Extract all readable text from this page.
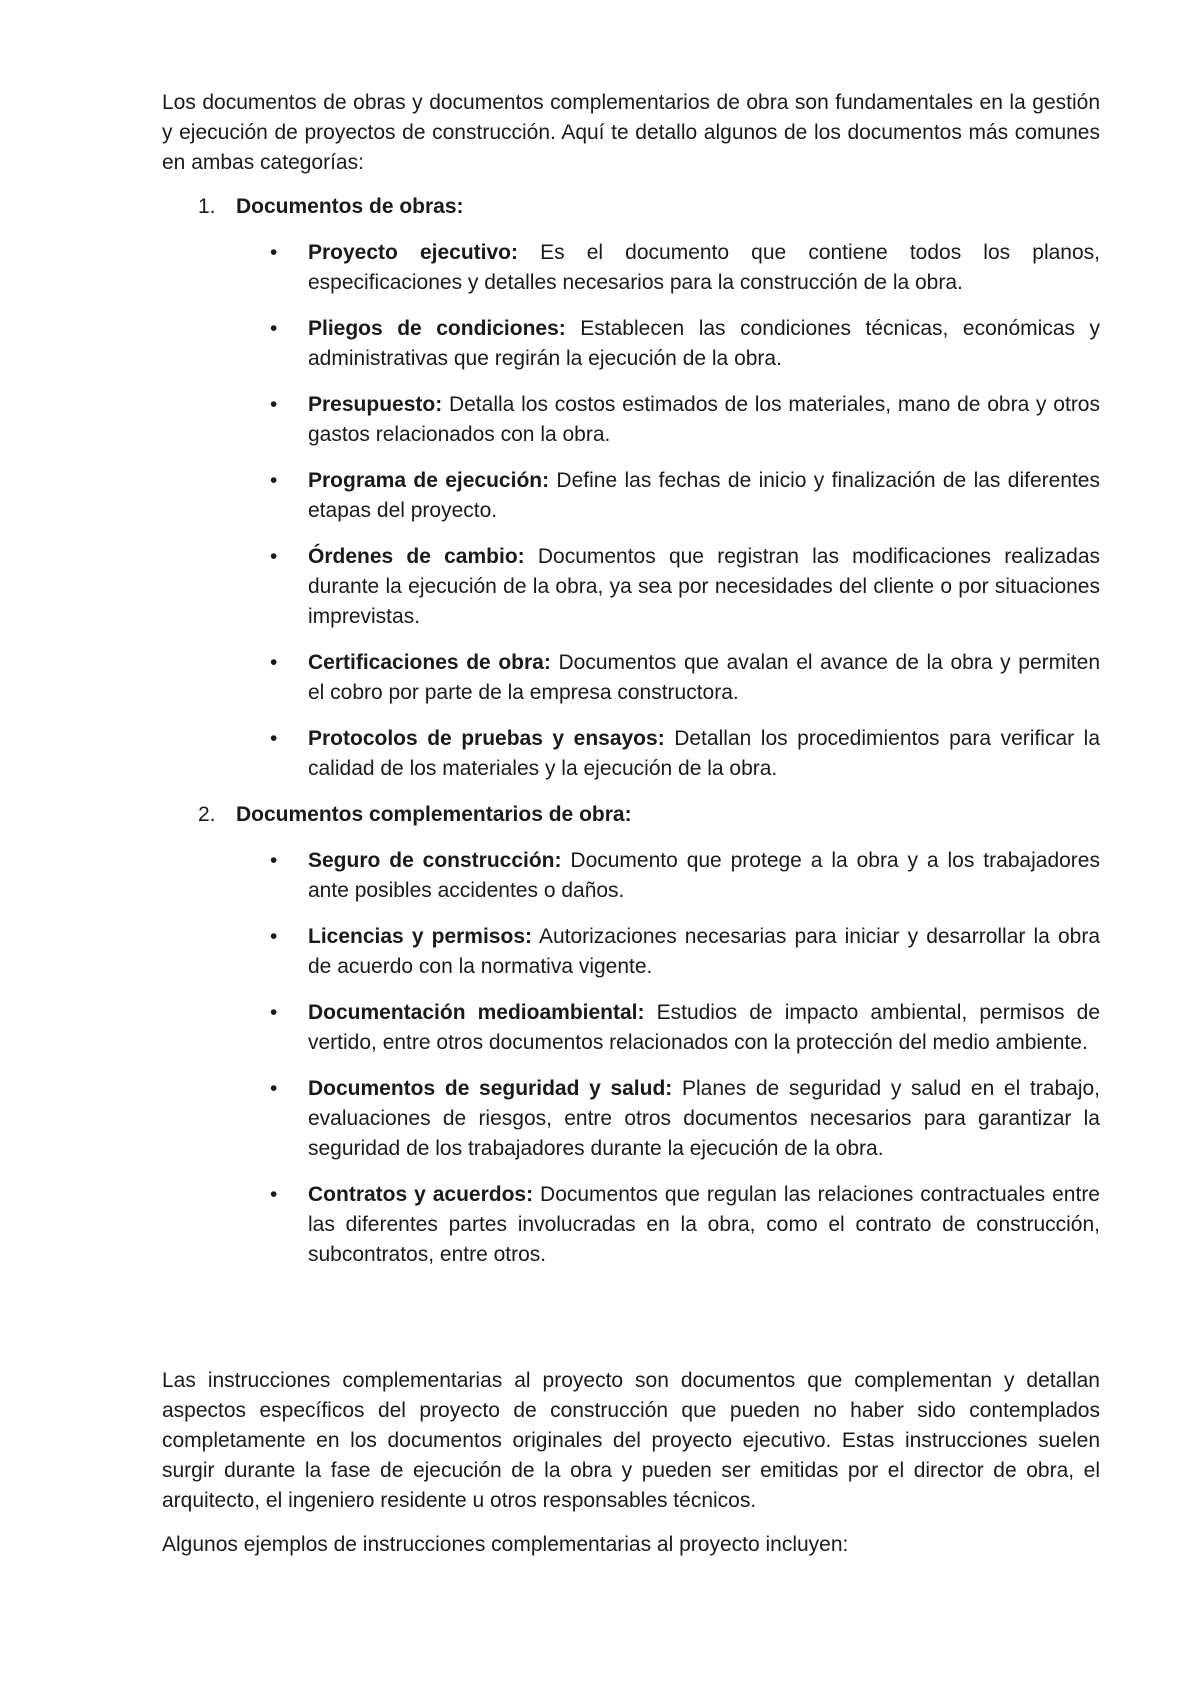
Los documentos de obras y documentos complementarios de obra son fundamentales en la gestión y ejecución de proyectos de construcción. Aquí te detallo algunos de los documentos más comunes en ambas categorías:

1. Documentos de obras:
• Proyecto ejecutivo: Es el documento que contiene todos los planos, especificaciones y detalles necesarios para la construcción de la obra.
• Pliegos de condiciones: Establecen las condiciones técnicas, económicas y administrativas que regirán la ejecución de la obra.
• Presupuesto: Detalla los costos estimados de los materiales, mano de obra y otros gastos relacionados con la obra.
• Programa de ejecución: Define las fechas de inicio y finalización de las diferentes etapas del proyecto.
• Órdenes de cambio: Documentos que registran las modificaciones realizadas durante la ejecución de la obra, ya sea por necesidades del cliente o por situaciones imprevistas.
• Certificaciones de obra: Documentos que avalan el avance de la obra y permiten el cobro por parte de la empresa constructora.
• Protocolos de pruebas y ensayos: Detallan los procedimientos para verificar la calidad de los materiales y la ejecución de la obra.
2. Documentos complementarios de obra:
• Seguro de construcción: Documento que protege a la obra y a los trabajadores ante posibles accidentes o daños.
• Licencias y permisos: Autorizaciones necesarias para iniciar y desarrollar la obra de acuerdo con la normativa vigente.
• Documentación medioambiental: Estudios de impacto ambiental, permisos de vertido, entre otros documentos relacionados con la protección del medio ambiente.
• Documentos de seguridad y salud: Planes de seguridad y salud en el trabajo, evaluaciones de riesgos, entre otros documentos necesarios para garantizar la seguridad de los trabajadores durante la ejecución de la obra.
• Contratos y acuerdos: Documentos que regulan las relaciones contractuales entre las diferentes partes involucradas en la obra, como el contrato de construcción, subcontratos, entre otros.

Las instrucciones complementarias al proyecto son documentos que complementan y detallan aspectos específicos del proyecto de construcción que pueden no haber sido contemplados completamente en los documentos originales del proyecto ejecutivo. Estas instrucciones suelen surgir durante la fase de ejecución de la obra y pueden ser emitidas por el director de obra, el arquitecto, el ingeniero residente u otros responsables técnicos.

Algunos ejemplos de instrucciones complementarias al proyecto incluyen:
